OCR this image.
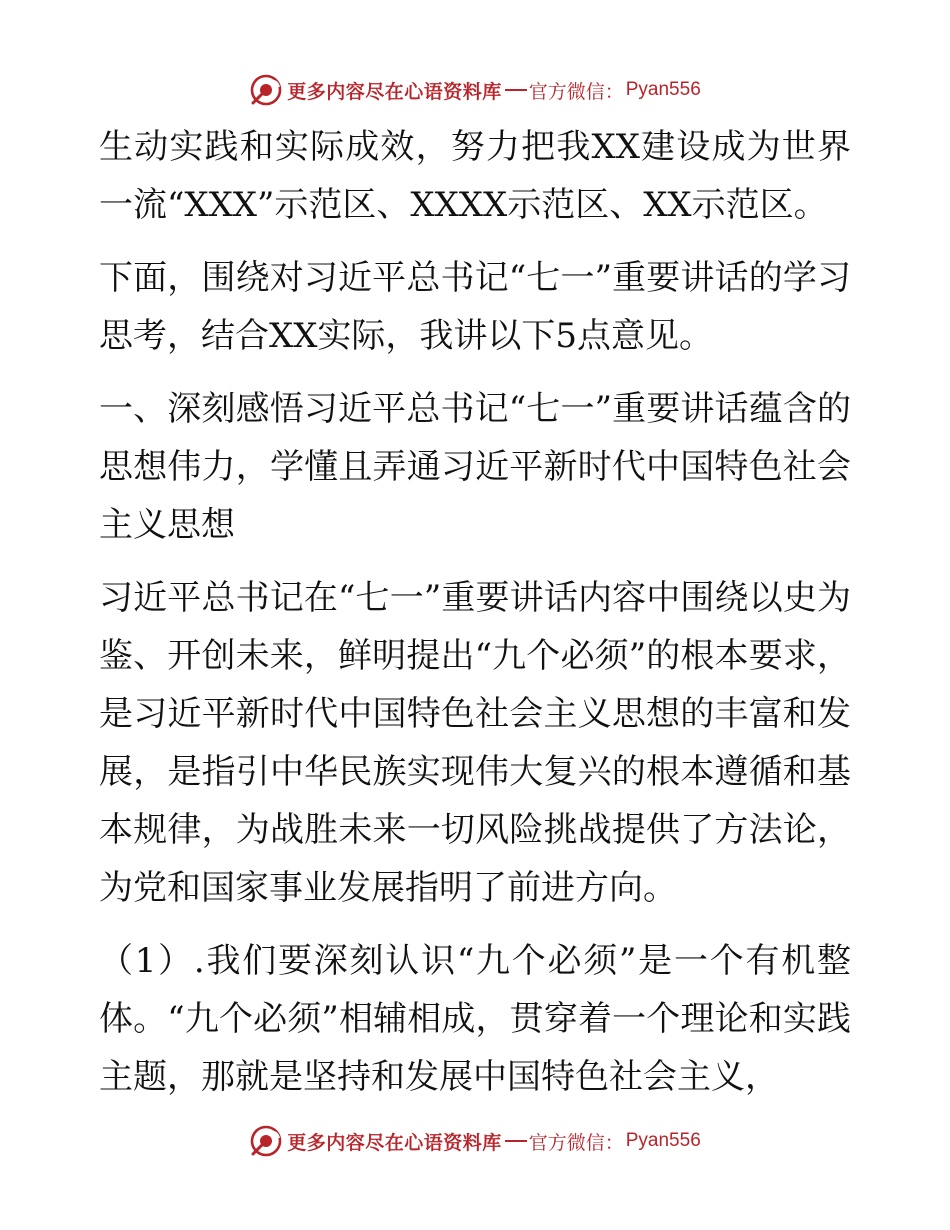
更多内容尽在心语资料库 官方微信： Pyan556

生动实践和实际成效，努力把我XX建设成为世界一流“XXX”示范区、XXXX示范区、XX示范区。

下面，围绕对习近平总书记“七一”重要讲话的学习思考，结合XX实际，我讲以下5点意见。

一、深刻感悟习近平总书记“七一”重要讲话蕴含的思想伟力，学懂且弄通习近平新时代中国特色社会主义思想

习近平总书记在“七一”重要讲话内容中围绕以史为鉴、开创未来，鲜明提出“九个必须”的根本要求，是习近平新时代中国特色社会主义思想的丰富和发展，是指引中华民族实现伟大复兴的根本遵循和基本规律，为战胜未来一切风险挑战提供了方法论，为党和国家事业发展指明了前进方向。

（1）.我们要深刻认识“九个必须”是一个有机整体。“九个必须”相辅相成，贯穿着一个理论和实践主题，那就是坚持和发展中国特色社会主义，

更多内容尽在心语资料库 官方微信： Pyan556
